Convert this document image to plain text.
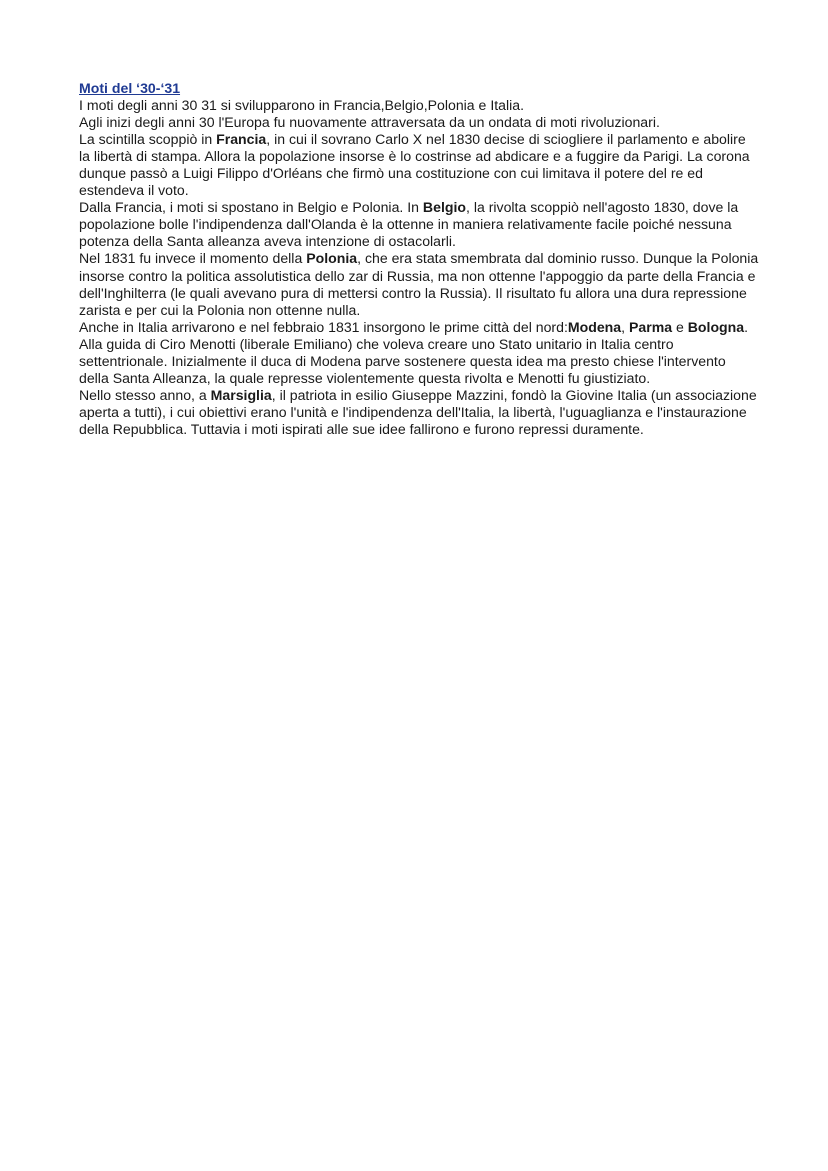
Moti del ‘30-‘31

I moti degli anni 30 31 si svilupparono in Francia,Belgio,Polonia e Italia.

Agli inizi degli anni 30 l'Europa fu nuovamente attraversata da un ondata di moti rivoluzionari.

La scintilla scoppiò in Francia, in cui il sovrano Carlo X nel 1830 decise di sciogliere il parlamento e abolire la libertà di stampa. Allora la popolazione insorse è lo costrinse ad abdicare e a fuggire da Parigi. La corona dunque passò a Luigi Filippo d'Orléans che firmò una costituzione con cui limitava il potere del re ed estendeva il voto.

Dalla Francia, i moti si spostano in Belgio e Polonia. In Belgio, la rivolta scoppiò nell'agosto 1830, dove la popolazione bolle l'indipendenza dall'Olanda è la ottenne in maniera relativamente facile poiché nessuna potenza della Santa alleanza aveva intenzione di ostacolarli.

Nel 1831 fu invece il momento della Polonia, che era stata smembrata dal dominio russo. Dunque la Polonia insorse contro la politica assolutistica dello zar di Russia, ma non ottenne l'appoggio da parte della Francia e dell'Inghilterra (le quali avevano pura di mettersi contro la Russia). Il risultato fu allora una dura repressione zarista e per cui la Polonia non ottenne nulla.

Anche in Italia arrivarono e nel febbraio 1831 insorgono le prime città del nord:Modena, Parma e Bologna. Alla guida di Ciro Menotti (liberale Emiliano) che voleva creare uno Stato unitario in Italia centro settentrionale. Inizialmente il duca di Modena parve sostenere questa idea ma presto chiese l'intervento della Santa Alleanza, la quale represse violentemente questa rivolta e Menotti fu giustiziato.

Nello stesso anno, a Marsiglia, il patriota in esilio Giuseppe Mazzini, fondò la Giovine Italia (un associazione aperta a tutti), i cui obiettivi erano l'unità e l'indipendenza dell'Italia, la libertà, l'uguaglianza e l'instaurazione della Repubblica. Tuttavia i moti ispirati alle sue idee fallirono e furono repressi duramente.
